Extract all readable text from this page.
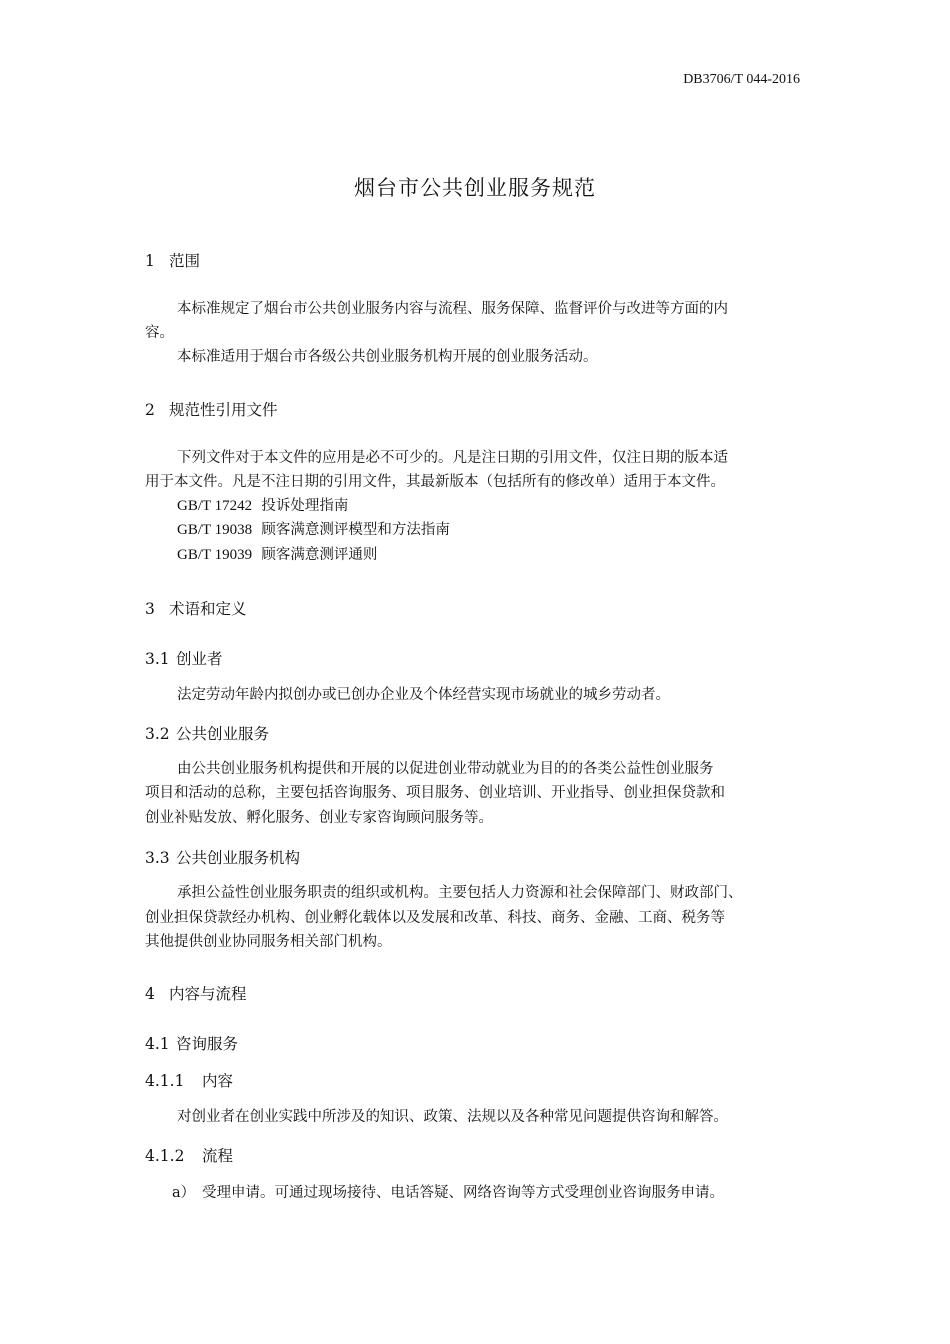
DB3706/T 044-2016
烟台市公共创业服务规范
1 范围
本标准规定了烟台市公共创业服务内容与流程、服务保障、监督评价与改进等方面的内
容。
本标准适用于烟台市各级公共创业服务机构开展的创业服务活动。
2 规范性引用文件
下列文件对于本文件的应用是必不可少的。凡是注日期的引用文件，仅注日期的版本适
用于本文件。凡是不注日期的引用文件，其最新版本（包括所有的修改单）适用于本文件。
GB/T 17242 投诉处理指南
GB/T 19038 顾客满意测评模型和方法指南
GB/T 19039 顾客满意测评通则
3 术语和定义
3.1 创业者
法定劳动年龄内拟创办或已创办企业及个体经营实现市场就业的城乡劳动者。
3.2 公共创业服务
由公共创业服务机构提供和开展的以促进创业带动就业为目的的各类公益性创业服务
项目和活动的总称，主要包括咨询服务、项目服务、创业培训、开业指导、创业担保贷款和
创业补贴发放、孵化服务、创业专家咨询顾问服务等。
3.3 公共创业服务机构
承担公益性创业服务职责的组织或机构。主要包括人力资源和社会保障部门、财政部门、
创业担保贷款经办机构、创业孵化载体以及发展和改革、科技、商务、金融、工商、税务等
其他提供创业协同服务相关部门机构。
4 内容与流程
4.1 咨询服务
4.1.1 内容
对创业者在创业实践中所涉及的知识、政策、法规以及各种常见问题提供咨询和解答。
4.1.2 流程
a） 受理申请。可通过现场接待、电话答疑、网络咨询等方式受理创业咨询服务申请。
